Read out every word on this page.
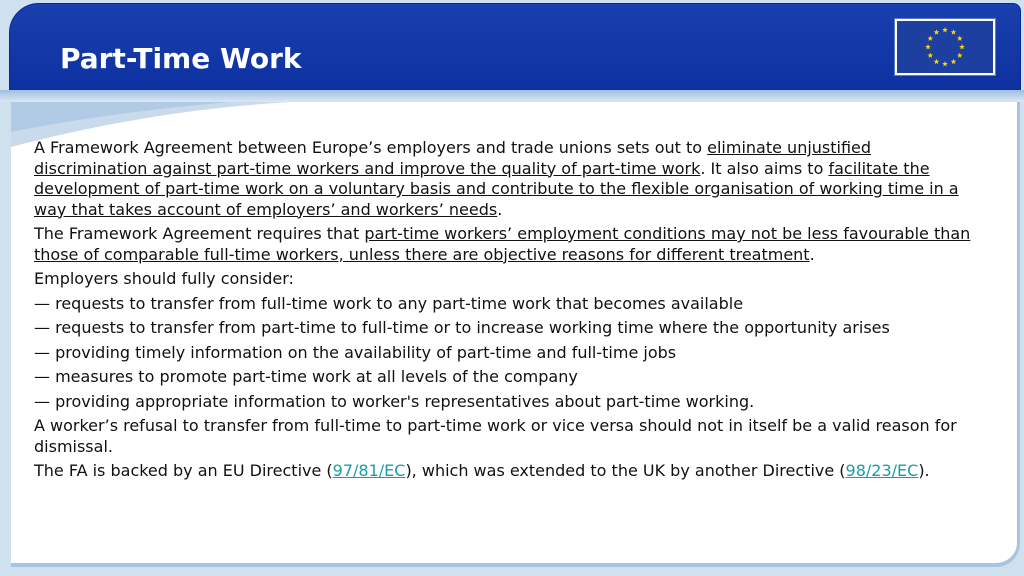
Part-Time Work

A Framework Agreement between Europe’s employers and trade unions sets out to eliminate unjustified discrimination against part-time workers and improve the quality of part-time work. It also aims to facilitate the development of part-time work on a voluntary basis and contribute to the flexible organisation of working time in a way that takes account of employers’ and workers’ needs.

The Framework Agreement requires that part-time workers’ employment conditions may not be less favourable than those of comparable full-time workers, unless there are objective reasons for different treatment.

Employers should fully consider:

— requests to transfer from full-time work to any part-time work that becomes available

— requests to transfer from part-time to full-time or to increase working time where the opportunity arises

— providing timely information on the availability of part-time and full-time jobs

— measures to promote part-time work at all levels of the company

— providing appropriate information to worker's representatives about part-time working.

A worker’s refusal to transfer from full-time to part-time work or vice versa should not in itself be a valid reason for dismissal.

The FA is backed by an EU Directive (97/81/EC), which was extended to the UK by another Directive (98/23/EC).
